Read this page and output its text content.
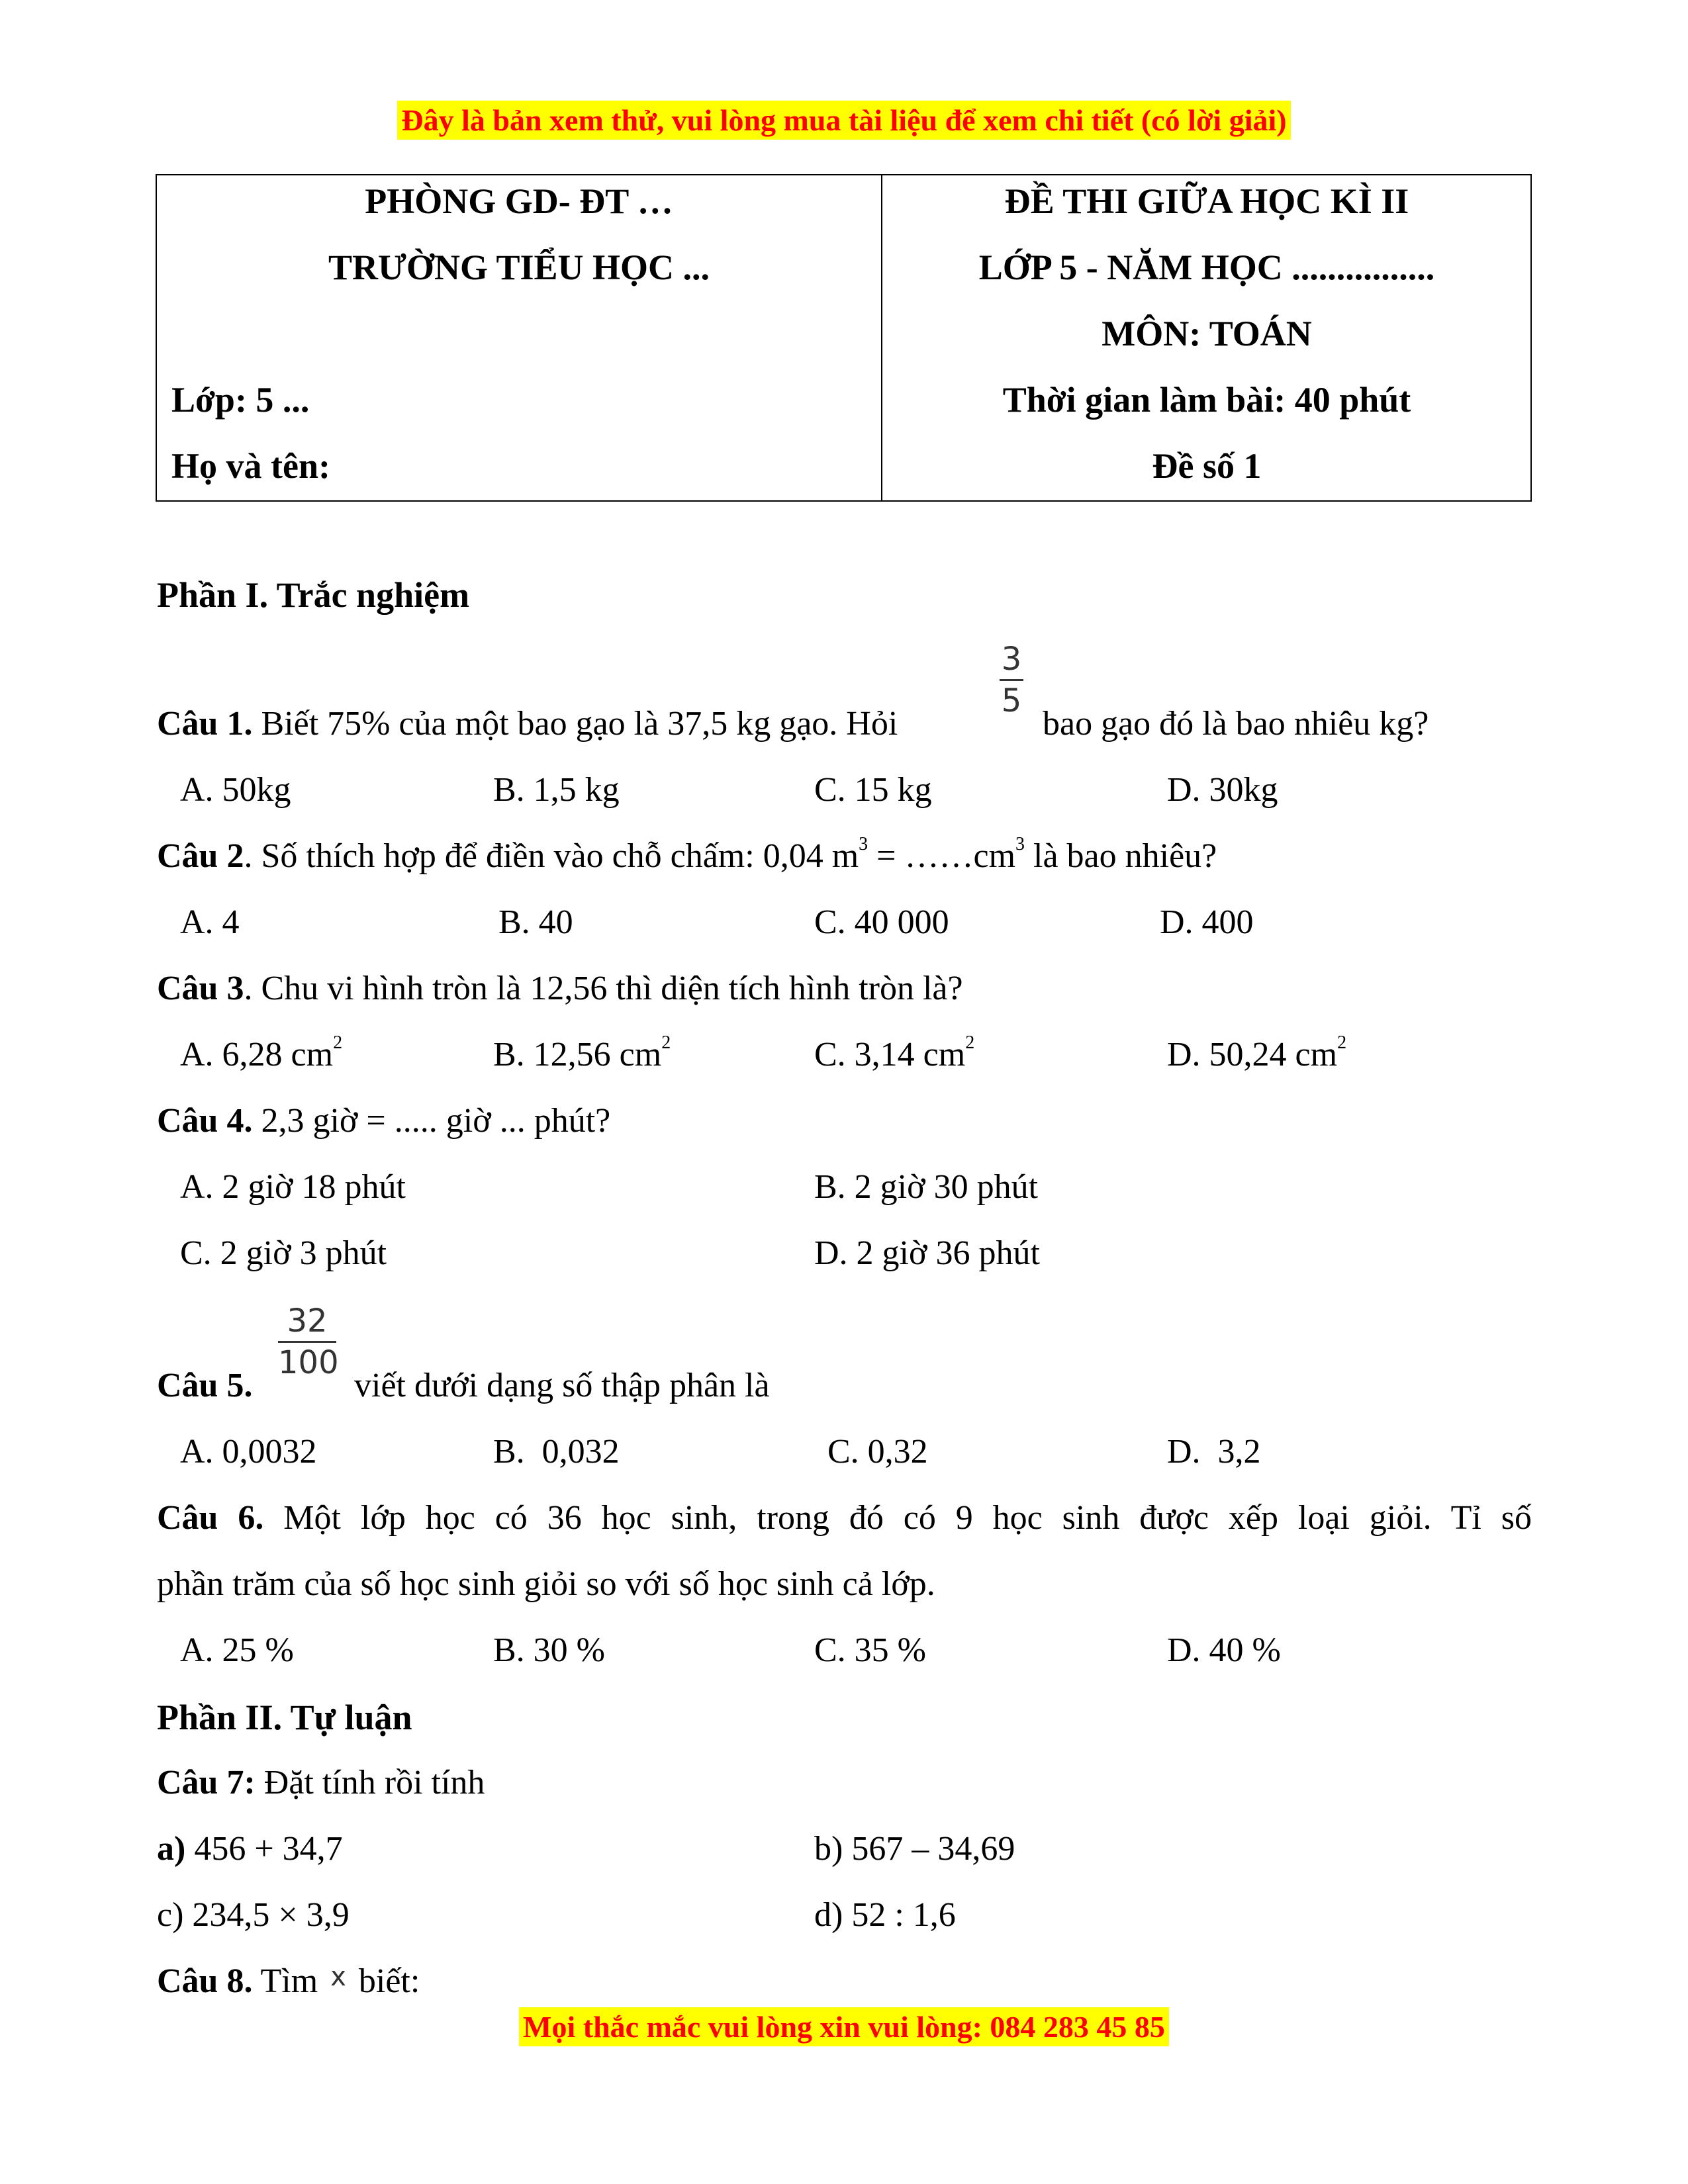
Đây là bản xem thử, vui lòng mua tài liệu để xem chi tiết (có lời giải)
PHÒNG GD- ĐT …
TRƯỜNG TIỂU HỌC ...
Lớp: 5 ...
Họ và tên:
ĐỀ THI GIỮA HỌC KÌ II
LỚP 5 - NĂM HỌC ................
MÔN: TOÁN
Thời gian làm bài: 40 phút
Đề số 1
Phần I. Trắc nghiệm
3
5
Câu 1. Biết 75% của một bao gạo là 37,5 kg gạo. Hỏi	bao gạo đó là bao nhiêu kg?
A. 50kg	B. 1,5 kg	C. 15 kg	D. 30kg
Câu 2. Số thích hợp để điền vào chỗ chấm: 0,04 $m^3$ = $\dots\dots cm^3$ là bao nhiêu?
A. 4	B. 40	C. 40 000	D. 400
Câu 3. Chu vi hình tròn là 12,56 thì diện tích hình tròn là?
A. 6,28 $cm^2$	B. 12,56 $cm^2$	C. 3,14 $cm^2$	D. 50,24 $cm^2$
Câu 4. 2,3 giờ = ..... giờ ... phút?
A. 2 giờ 18 phút	B. 2 giờ 30 phút
C. 2 giờ 3 phút	D. 2 giờ 36 phút
32
100
Câu 5.	viết dưới dạng số thập phân là
A. 0,0032	B.  0,032	C. 0,32	D.  3,2
Câu 6. Một lớp học có 36 học sinh, trong đó có 9 học sinh được xếp loại giỏi. Tỉ số
phần trăm của số học sinh giỏi so với số học sinh cả lớp.
A. 25 %	B. 30 %	C. 35 %	D. 40 %
Phần II. Tự luận
Câu 7: Đặt tính rồi tính
a) 456 + 34,7	b) 567 – 34,69
c) 234,5 × 3,9	d) 52 : 1,6
Câu 8. Tìm x biết:
Mọi thắc mắc vui lòng xin vui lòng: 084 283 45 85
